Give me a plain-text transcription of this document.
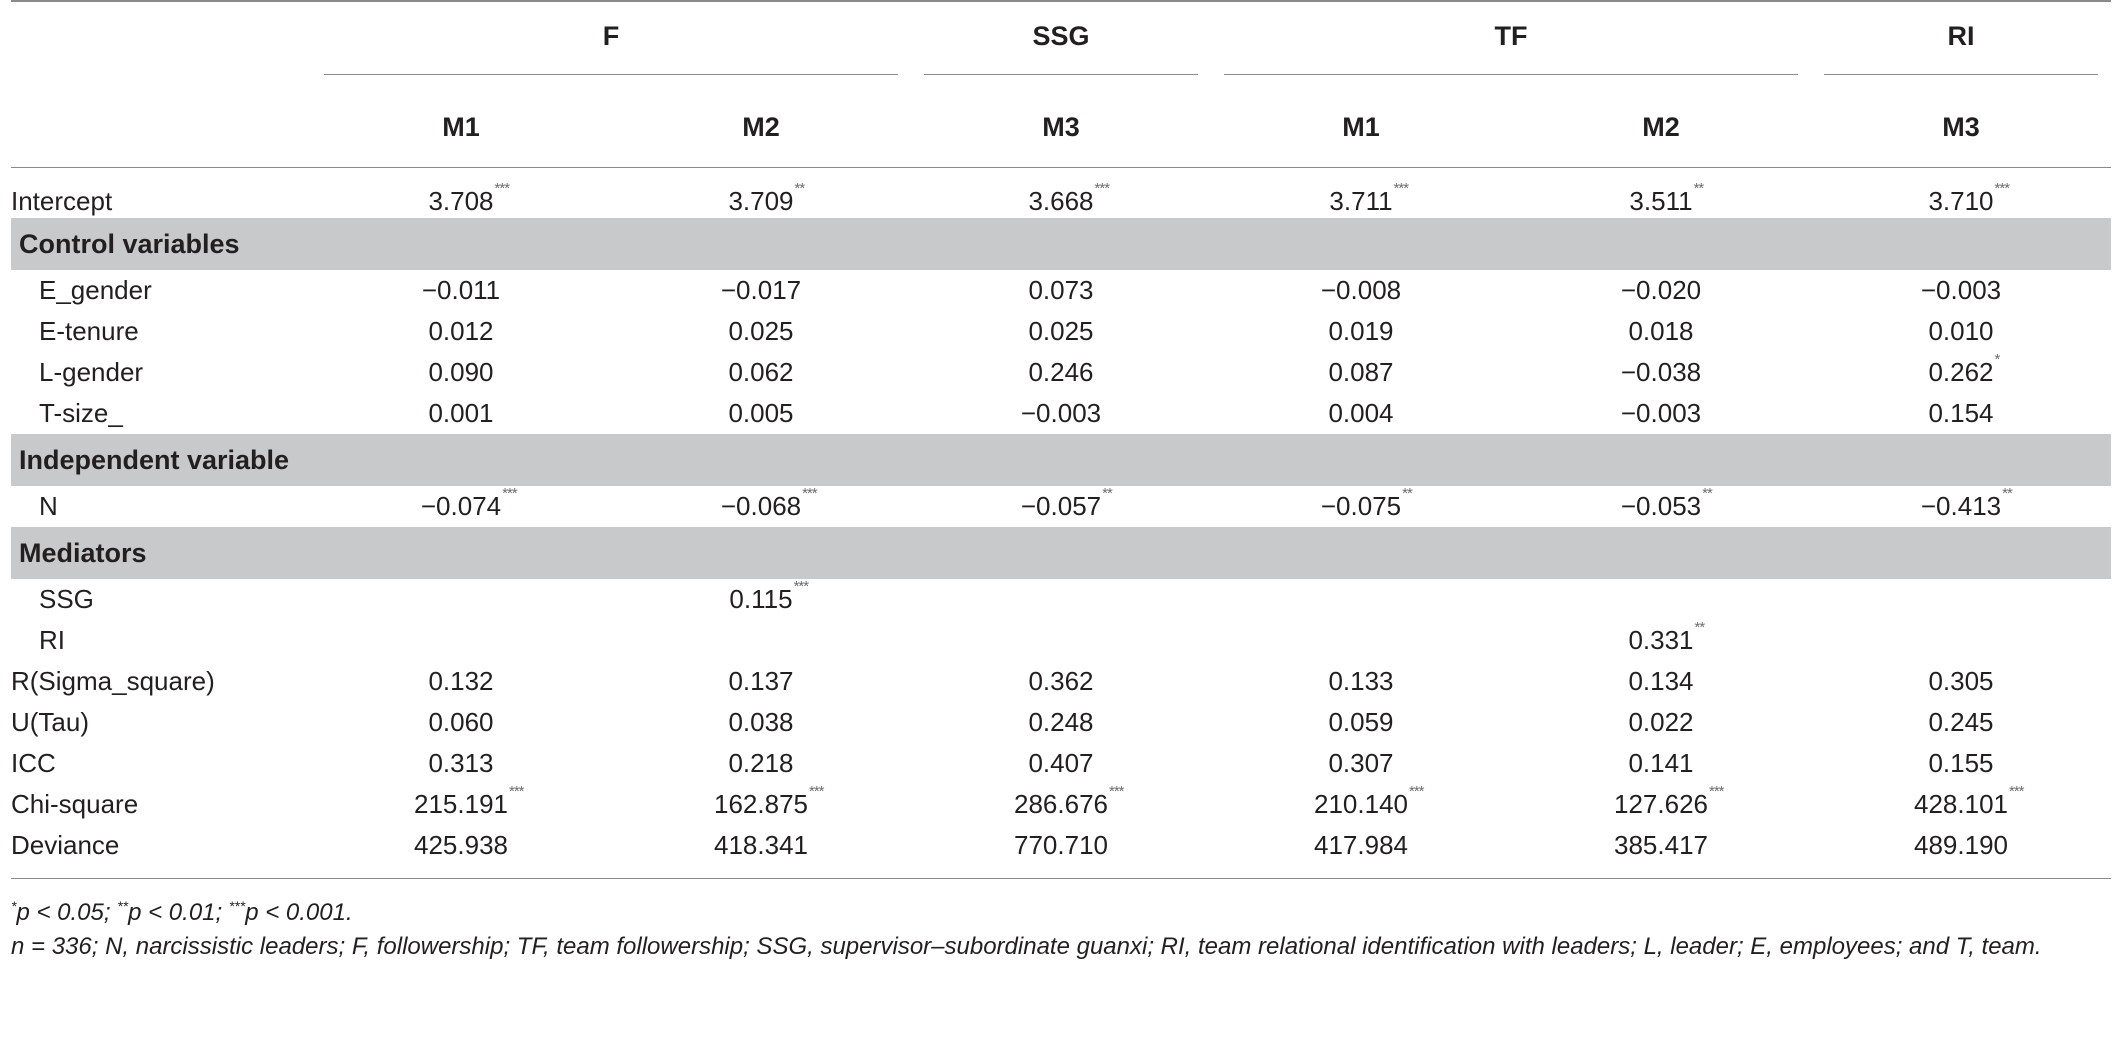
	F		SSG	TF		RI

	M1	M2	M3	M1	M2	M3
Intercept	3.708 ***	3.709 **	3.668 ***	3.711 ***	3.511 **	3.710 ***

Control variables						
E_gender	−0.011	−0.017	0.073	−0.008	−0.020	−0.003
E-tenure	0.012	0.025	0.025	0.019	0.018	0.010
L-gender	0.090	0.062	0.246	0.087	−0.038	0.262 *

T-size_	0.001	0.005	−0.003	0.004	−0.003	0.154
Independent variable						
N	−0.074 ***	−0.068 ***	−0.057 **	−0.075 **	−0.053 **	−0.413 **

Mediators						
SSG		0.115 ***				

RI					0.331 **	

R(Sigma_square)	0.132	0.137	0.362	0.133	0.134	0.305
U(Tau)	0.060	0.038	0.248	0.059	0.022	0.245
ICC	0.313	0.218	0.407	0.307	0.141	0.155
Chi-square	215.191 ***	162.875 ***	286.676 ***	210.140 ***	127.626 ***	428.101 ***

Deviance	425.938	418.341	770.710	417.984	385.417	489.190

*p < 0.05; **p < 0.01; ***p < 0.001.
n = 336; N, narcissistic leaders; F, followership; TF, team followership; SSG, supervisor–subordinate guanxi; RI, team relational identification with leaders; L, leader; E, employees; and T, team.
